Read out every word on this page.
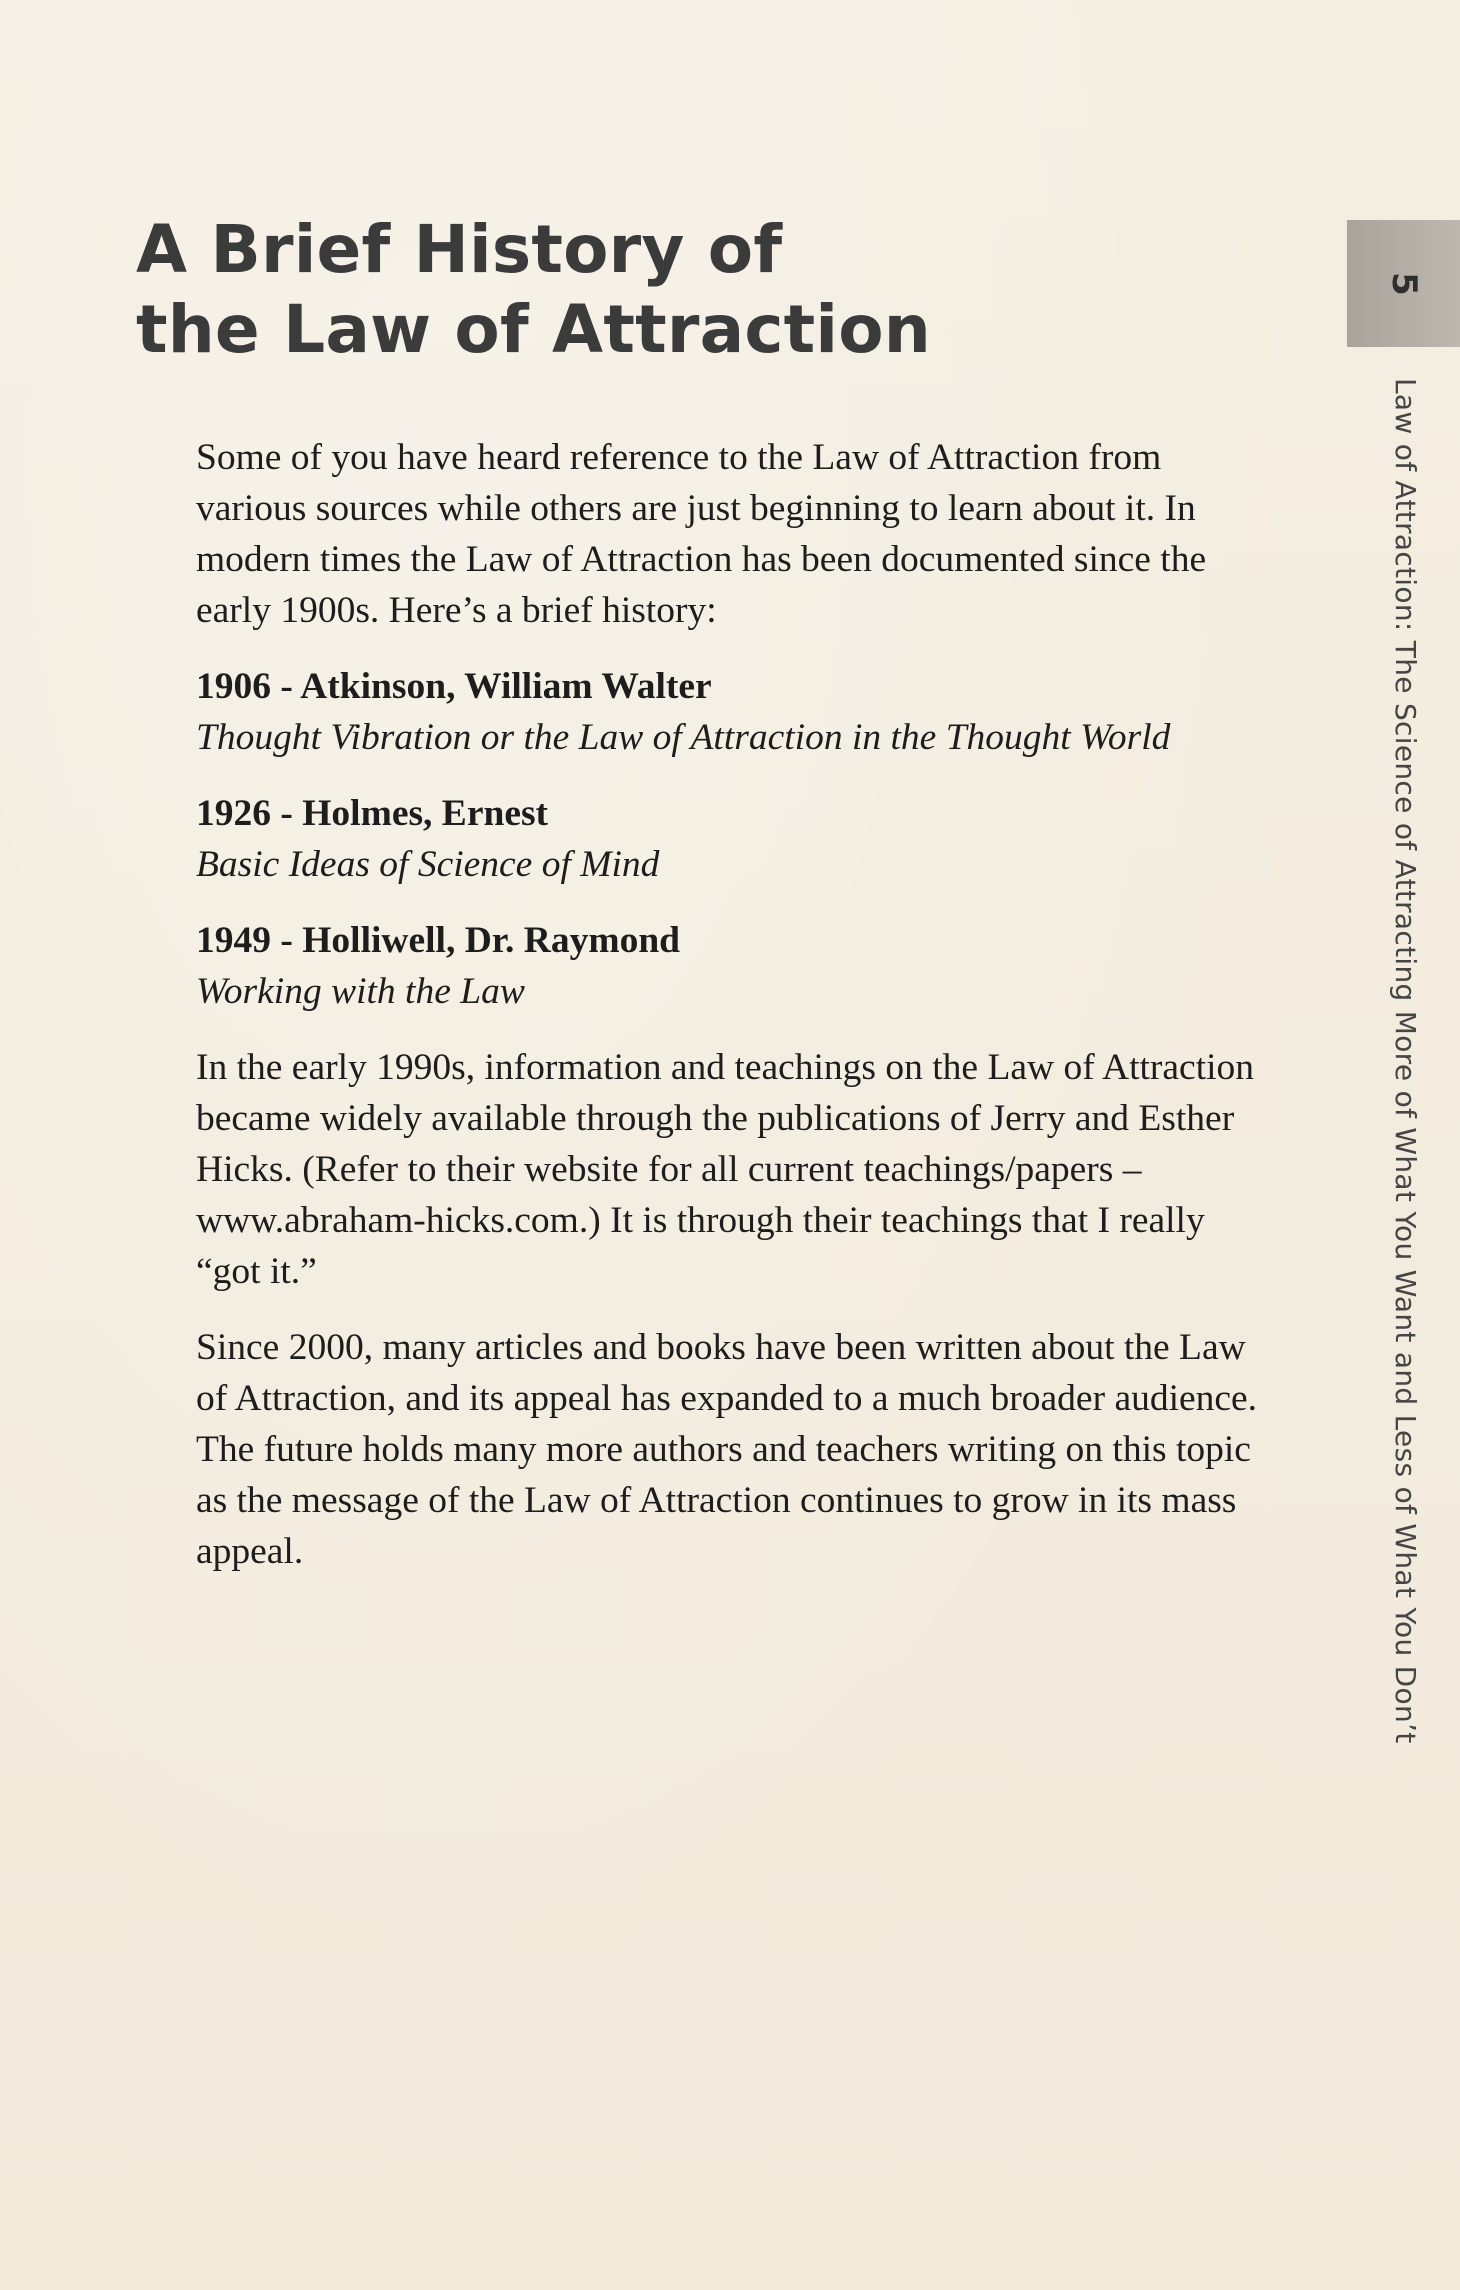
A Brief History of
the Law of Attraction

Some of you have heard reference to the Law of Attraction from various sources while others are just beginning to learn about it. In modern times the Law of Attraction has been documented since the early 1900s. Here’s a brief history:

1906 - Atkinson, William Walter
Thought Vibration or the Law of Attraction in the Thought World
1926 - Holmes, Ernest
Basic Ideas of Science of Mind
1949 - Holliwell, Dr. Raymond
Working with the Law

In the early 1990s, information and teachings on the Law of Attraction became widely available through the publications of Jerry and Esther Hicks. (Refer to their website for all current teachings/papers – www.abraham-hicks.com.) It is through their teachings that I really “got it.”

Since 2000, many articles and books have been written about the Law of Attraction, and its appeal has expanded to a much broader audience. The future holds many more authors and teachers writing on this topic as the message of the Law of Attraction continues to grow in its mass appeal.

5
Law of Attraction: The Science of Attracting More of What You Want and Less of What You Don’t
